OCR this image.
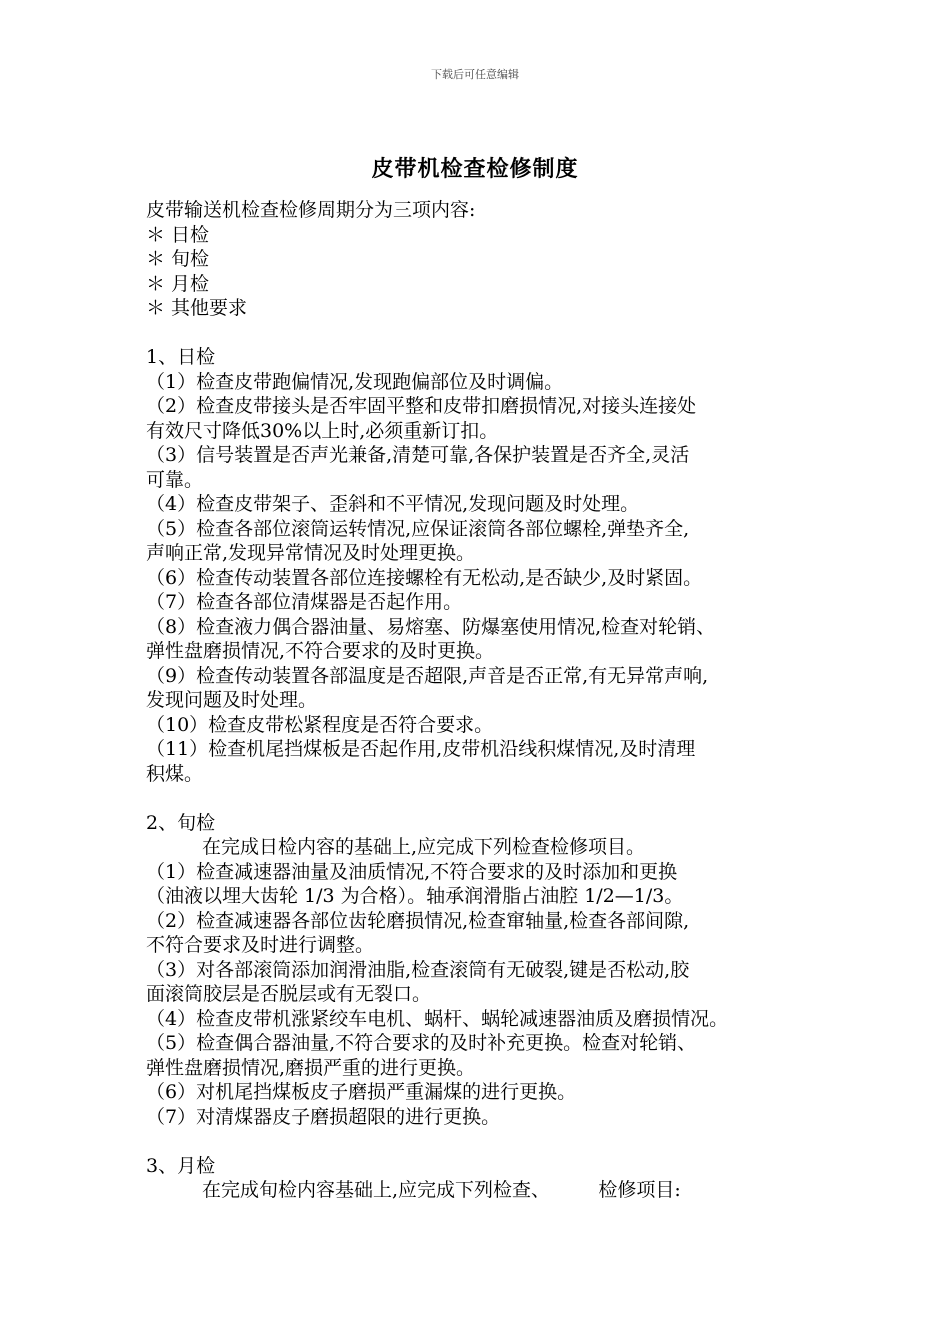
下载后可任意编辑
皮带机检查检修制度
皮带输送机检查检修周期分为三项内容:
＊ 日检
＊ 旬检
＊ 月检
＊ 其他要求
1、日检
（1）检查皮带跑偏情况,发现跑偏部位及时调偏。
（2）检查皮带接头是否牢固平整和皮带扣磨损情况,对接头连接处
有效尺寸降低30%以上时,必须重新订扣。
（3）信号装置是否声光兼备,清楚可靠,各保护装置是否齐全,灵活
可靠。
（4）检查皮带架子、歪斜和不平情况,发现问题及时处理。
（5）检查各部位滚筒运转情况,应保证滚筒各部位螺栓,弹垫齐全,
声响正常,发现异常情况及时处理更换。
（6）检查传动装置各部位连接螺栓有无松动,是否缺少,及时紧固。
（7）检查各部位清煤器是否起作用。
（8）检查液力偶合器油量、易熔塞、防爆塞使用情况,检查对轮销、
弹性盘磨损情况,不符合要求的及时更换。
（9）检查传动装置各部温度是否超限,声音是否正常,有无异常声响,
发现问题及时处理。
（10）检查皮带松紧程度是否符合要求。
（11）检查机尾挡煤板是否起作用,皮带机沿线积煤情况,及时清理
积煤。
2、旬检
在完成日检内容的基础上,应完成下列检查检修项目。
（1）检查减速器油量及油质情况,不符合要求的及时添加和更换
（油液以埋大齿轮 1/3 为合格）。轴承润滑脂占油腔 1/2—1/3。
（2）检查减速器各部位齿轮磨损情况,检查窜轴量,检查各部间隙,
不符合要求及时进行调整。
（3）对各部滚筒添加润滑油脂,检查滚筒有无破裂,键是否松动,胶
面滚筒胶层是否脱层或有无裂口。
（4）检查皮带机涨紧绞车电机、蜗杆、蜗轮减速器油质及磨损情况。
（5）检查偶合器油量,不符合要求的及时补充更换。检查对轮销、
弹性盘磨损情况,磨损严重的进行更换。
（6）对机尾挡煤板皮子磨损严重漏煤的进行更换。
（7）对清煤器皮子磨损超限的进行更换。
3、月检
在完成旬检内容基础上,应完成下列检查、        检修项目:
